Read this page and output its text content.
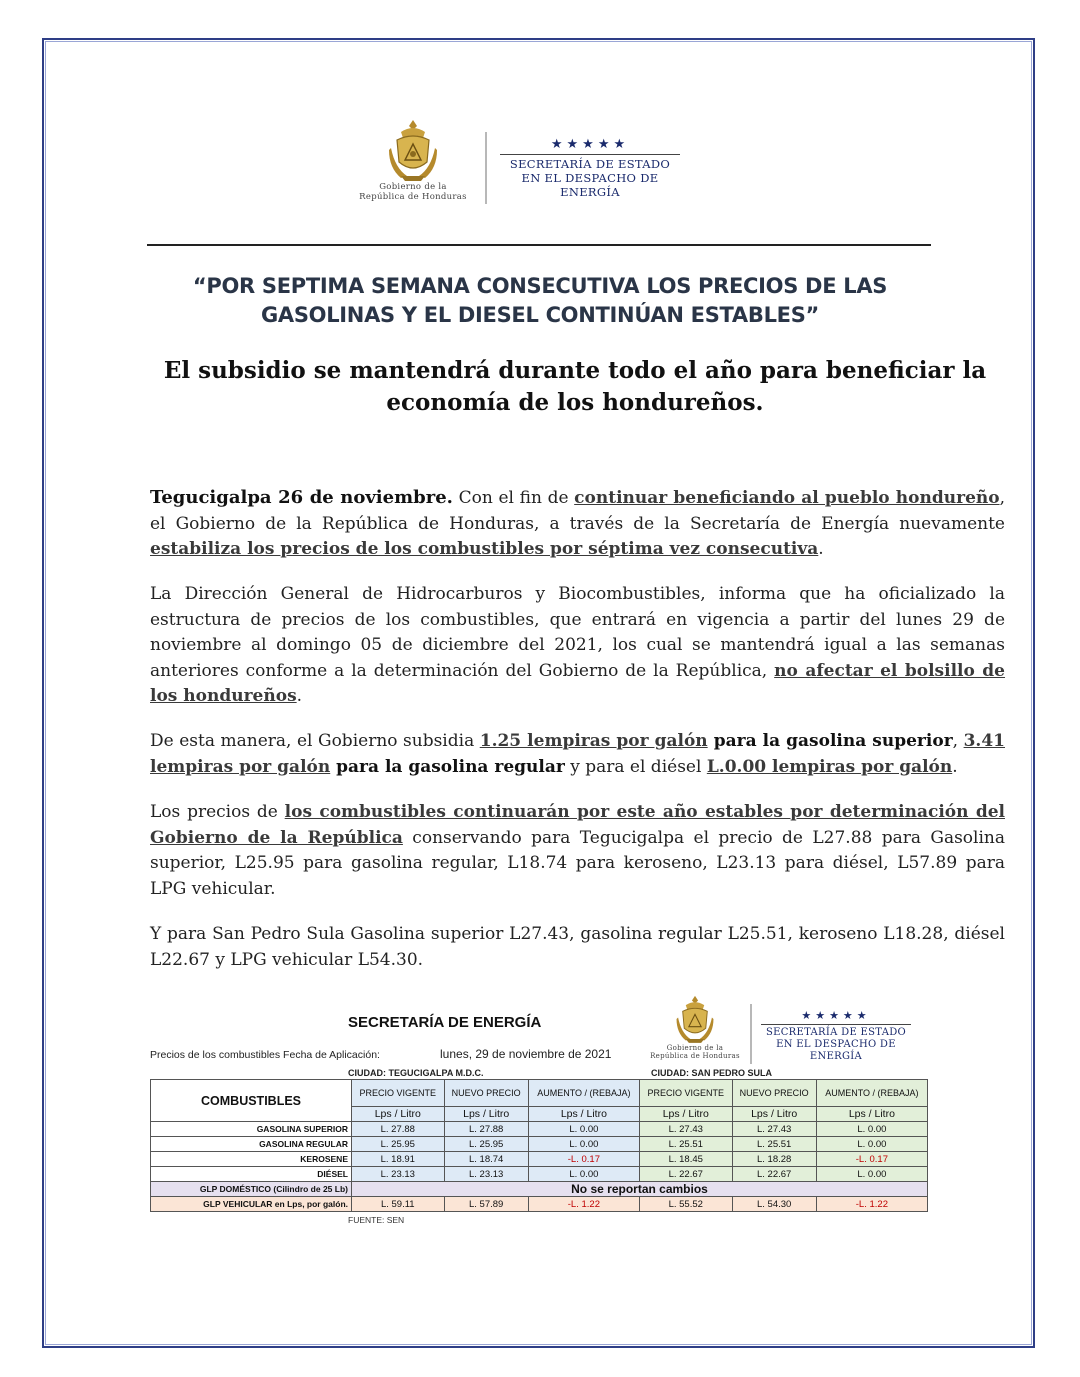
Gobierno de la
República de Honduras
★★★★★
SECRETARÍA DE ESTADO
EN EL DESPACHO DE ENERGÍA
“POR SEPTIMA SEMANA CONSECUTIVA LOS PRECIOS DE LAS
GASOLINAS Y EL DIESEL CONTINÚAN ESTABLES”
El subsidio se mantendrá durante todo el año para beneficiar la economía de los hondureños.
Tegucigalpa 26 de noviembre. Con el fin de continuar beneficiando al pueblo hondureño, el Gobierno de la República de Honduras, a través de la Secretaría de Energía nuevamente estabiliza los precios de los combustibles por séptima vez consecutiva.
La Dirección General de Hidrocarburos y Biocombustibles, informa que ha oficializado la estructura de precios de los combustibles, que entrará en vigencia a partir del lunes 29 de noviembre al domingo 05 de diciembre del 2021, los cual se mantendrá igual a las semanas anteriores conforme a la determinación del Gobierno de la República, no afectar el bolsillo de los hondureños.
De esta manera, el Gobierno subsidia 1.25 lempiras por galón para la gasolina superior, 3.41 lempiras por galón para la gasolina regular y para el diésel L.0.00 lempiras por galón.
Los precios de los combustibles continuarán por este año estables por determinación del Gobierno de la República conservando para Tegucigalpa el precio de L27.88 para Gasolina superior, L25.95 para gasolina regular, L18.74 para keroseno, L23.13 para diésel, L57.89 para LPG vehicular.
Y para San Pedro Sula Gasolina superior L27.43, gasolina regular L25.51, keroseno L18.28, diésel L22.67 y LPG vehicular L54.30.
SECRETARÍA DE ENERGÍA
Precios de los combustibles Fecha de Aplicación:	lunes, 29 de noviembre de 2021
CIUDAD: TEGUCIGALPA M.D.C.	CIUDAD: SAN PEDRO SULA
Gobierno de la
República de Honduras
★★★★★
SECRETARÍA DE ESTADO
EN EL DESPACHO DE ENERGÍA
COMBUSTIBLES	PRECIO VIGENTE	NUEVO PRECIO	AUMENTO / (REBAJA)	PRECIO VIGENTE	NUEVO PRECIO	AUMENTO / (REBAJA)
	Lps / Litro	Lps / Litro	Lps / Litro	Lps / Litro	Lps / Litro	Lps / Litro
GASOLINA SUPERIOR	L. 27.88	L. 27.88	L. 0.00	L. 27.43	L. 27.43	L. 0.00
GASOLINA REGULAR	L. 25.95	L. 25.95	L. 0.00	L. 25.51	L. 25.51	L. 0.00
KEROSENE	L. 18.91	L. 18.74	-L. 0.17	L. 18.45	L. 18.28	-L. 0.17
DIÉSEL	L. 23.13	L. 23.13	L. 0.00	L. 22.67	L. 22.67	L. 0.00
GLP DOMÉSTICO (Cilindro de 25 Lb)	No se reportan cambios					
GLP VEHICULAR en Lps, por galón.	L. 59.11	L. 57.89	-L. 1.22	L. 55.52	L. 54.30	-L. 1.22
FUENTE: SEN
